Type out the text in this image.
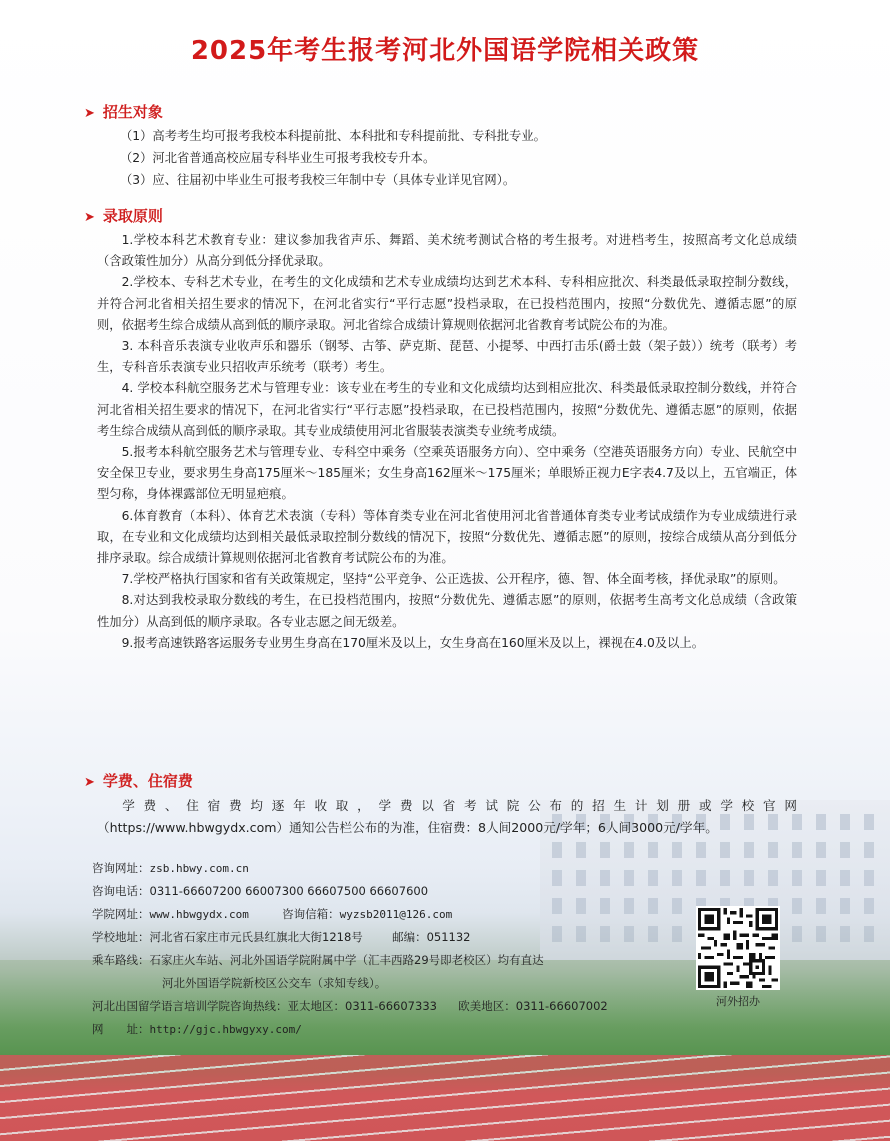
2025年考生报考河北外国语学院相关政策
➤ 招生对象
（1）高考考生均可报考我校本科提前批、本科批和专科提前批、专科批专业。
（2）河北省普通高校应届专科毕业生可报考我校专升本。
（3）应、往届初中毕业生可报考我校三年制中专（具体专业详见官网）。
➤ 录取原则

1.学校本科艺术教育专业：建议参加我省声乐、舞蹈、美术统考测试合格的考生报考。对进档考生，按照高考文化总成绩（含政策性加分）从高分到低分择优录取。

2.学校本、专科艺术专业，在考生的文化成绩和艺术专业成绩均达到艺术本科、专科相应批次、科类最低录取控制分数线，并符合河北省相关招生要求的情况下，在河北省实行“平行志愿”投档录取，在已投档范围内，按照“分数优先、遵循志愿”的原则，依据考生综合成绩从高到低的顺序录取。河北省综合成绩计算规则依据河北省教育考试院公布的为准。

3. 本科音乐表演专业收声乐和器乐（钢琴、古筝、萨克斯、琵琶、小提琴、中西打击乐(爵士鼓（架子鼓））统考（联考）考生，专科音乐表演专业只招收声乐统考（联考）考生。

4. 学校本科航空服务艺术与管理专业：该专业在考生的专业和文化成绩均达到相应批次、科类最低录取控制分数线，并符合河北省相关招生要求的情况下，在河北省实行“平行志愿”投档录取，在已投档范围内，按照“分数优先、遵循志愿”的原则，依据考生综合成绩从高到低的顺序录取。其专业成绩使用河北省服装表演类专业统考成绩。

5.报考本科航空服务艺术与管理专业、专科空中乘务（空乘英语服务方向）、空中乘务（空港英语服务方向）专业、民航空中安全保卫专业，要求男生身高175厘米～185厘米；女生身高162厘米～175厘米；单眼矫正视力E字表4.7及以上，五官端正，体型匀称，身体裸露部位无明显疤痕。

6.体育教育（本科）、体育艺术表演（专科）等体育类专业在河北省使用河北省普通体育类专业考试成绩作为专业成绩进行录取，在专业和文化成绩均达到相关最低录取控制分数线的情况下，按照“分数优先、遵循志愿”的原则，按综合成绩从高分到低分排序录取。综合成绩计算规则依据河北省教育考试院公布的为准。

7.学校严格执行国家和省有关政策规定，坚持“公平竞争、公正选拔、公开程序，德、智、体全面考核，择优录取”的原则。

8.对达到我校录取分数线的考生，在已投档范围内，按照“分数优先、遵循志愿”的原则，依据考生高考文化总成绩（含政策性加分）从高到低的顺序录取。各专业志愿之间无级差。

9.报考高速铁路客运服务专业男生身高在170厘米及以上，女生身高在160厘米及以上，裸视在4.0及以上。

➤ 学费、住宿费

学费、住宿费均逐年收取，学费以省考试院公布的招生计划册或学校官网

（https://www.hbwgydx.com）通知公告栏公布的为准，住宿费：8人间2000元/学年；6人间3000元/学年。

咨询网址：zsb.hbwy.com.cn
咨询电话：0311-66607200 66007300 66607500 66607600
学院网址：www.hbwgydx.com	咨询信箱：wyzsb2011@126.com
学校地址：河北省石家庄市元氏县红旗北大街1218号	邮编：051132
乘车路线：石家庄火车站、河北外国语学院附属中学（汇丰西路29号即老校区）均有直达
河北外国语学院新校区公交车（求知专线）。
河北出国留学语言培训学院咨询热线：亚太地区：0311-66607333 欧美地区：0311-66607002
网　　址：http://gjc.hbwgyxy.com/
河外招办
